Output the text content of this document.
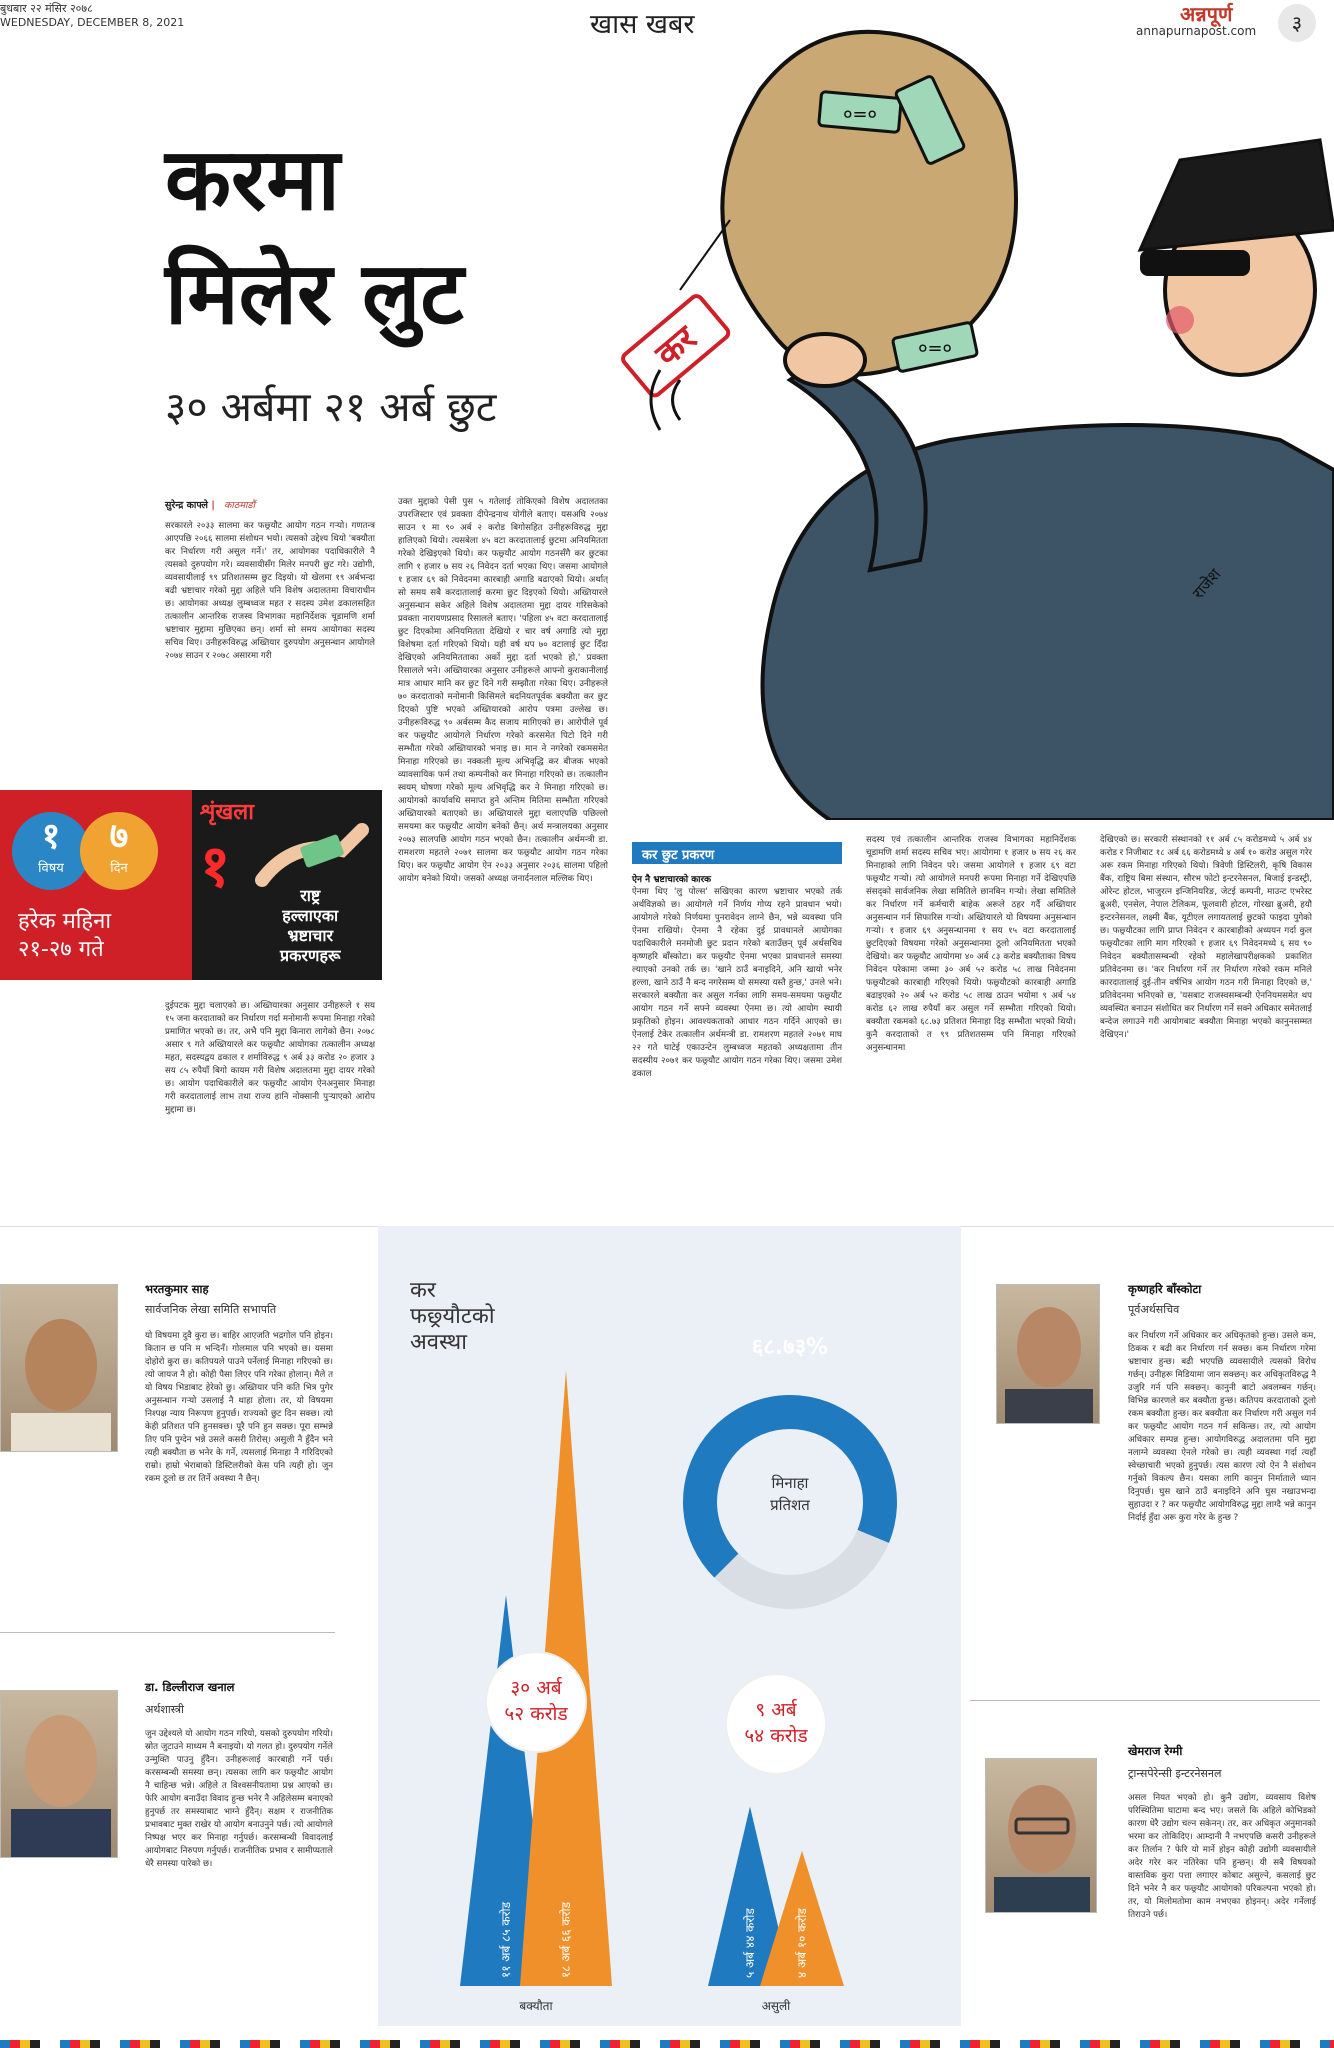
बुधबार २२ मंसिर २०७८
WEDNESDAY, DECEMBER 8, 2021	खास खबर	अन्नपूर्ण
annapurnapost.com	३
करमा
मिलेर लुट
३० अर्बमा २१ अर्ब छुट
०=०
०=०
कर
राजेश
सुरेन्द्र काफ्ले | काठमाडौं
सरकारले २०३३ सालमा कर फछ्र्यौट आयोग गठन गर्‍यो। गणतन्त्र आएपछि २०६६ सालमा संशोधन भयो। त्यसको उद्देश्य थियो 'बक्यौता कर निर्धारण गरी असुल गर्ने।' तर, आयोगका पदाधिकारीले नै त्यसको दुरुपयोग गरे। व्यवसायीसँग मिलेर मनपरी छुट गरे। उद्योगी, व्यवसायीलाई ९९ प्रतिशतसम्म छुट दिइयो। यो खेलमा १९ अर्बभन्दा बढी भ्रष्टाचार गरेको मुद्दा अहिले पनि विशेष अदालतमा विचाराधीन छ। आयोगका अध्यक्ष लुम्बध्वज महत र सदस्य उमेश ढकालसहित तत्कालीन आन्तरिक राजस्व विभागका महानिर्देशक चूडामणि शर्मा भ्रष्टाचार मुद्दामा मुछिएका छन्। शर्मा सो समय आयोगका सदस्य सचिव थिए। उनीहरूविरुद्ध अख्तियार दुरुपयोग अनुसन्धान आयोगले २०७४ साउन र २०७८ असारमा गरी
उक्त मुद्दाको पेसी पुस ५ गतेलाई तोकिएको विशेष अदालतका उपरजिस्टार एवं प्रवक्ता दीपेन्द्रनाथ योगीले बताए। यसअघि २०७४ साउन १ मा ९० अर्ब २ करोड बिगोसहित उनीहरूविरुद्ध मुद्दा हालिएको थियो। त्यसबेला ४५ वटा करदातालाई छुटमा अनियमितता गरेको देखिइएको थियो। कर फछ्र्यौट आयोग गठनसँगै कर छुटका लागि १ हजार ७ सय २६ निवेदन दर्ता भएका थिए। जसमा आयोगले १ हजार ६९ को निवेदनमा कारबाही अगाडि बढाएको थियो। अर्थात् सो समय सबै करदातालाई करमा छुट दिइएको थियो। अख्तियारले अनुसन्धान सकेर अहिले विशेष अदालतमा मुद्दा दायर गरिसकेको प्रवक्ता नारायणप्रसाद रिसालले बताए। 'पहिला ४५ वटा करदातालाई छुट दिएकोमा अनियमितता देखियो र चार वर्ष अगाडि त्यो मुद्दा विशेषमा दर्ता गरिएको थियो। यही वर्ष थप ७० वटालाई छुट दिँदा देखिएको अनियमितताका अर्को मुद्दा दर्ता भएको हो,' प्रवक्ता रिसालले भने। अख्तियारका अनुसार उनीहरूले आफ्नो कुराकानीलाई मात्र आधार मानि कर छुट दिने गरी सम्झौता गरेका थिए। उनीहरूले ७० करदाताको मनोमानी किसिमले बदनियतपूर्वक बक्यौता कर छुट दिएको पुष्टि भएको अख्तियारको आरोप पत्रमा उल्लेख छ। उनीहरूविरुद्ध ९० अर्बसम्म कैद सजाय मागिएको छ। आरोपीले पूर्व कर फछ्र्यौट आयोगले निर्धारण गरेको करसमेत पिटो दिने गरी सम्भौता गरेको अख्तियारको भनाइ छ। मान ने नगरेको रकमसमेत मिनाहा गरिएको छ। नक्कली मूल्य अभिवृद्धि कर बीजक भएको व्यावसायिक फर्म तथा कम्पनीको कर मिनाहा गरिएको छ। तत्कालीन स्वयम् घोषणा गरेको मूल्य अभिवृद्धि कर ने मिनाहा गरिएको छ। आयोगको कार्यावधि समाप्त हुने अन्तिम मितिमा सम्भौता गरिएको अख्तियारको बताएको छ। अख्तियारले मुद्दा चलाएपछि पछिल्लो समयमा कर फछ्र्यौट आयोग बनेको छैन्। अर्थ मन्त्रालयका अनुसार २०७३ सालपछि आयोग गठन भएको छैन। तत्कालीन अर्थमन्त्री डा. रामशरण महतले २०७१ सालमा कर फछ्र्यौट आयोग गठन गरेका थिए। कर फछ्र्यौट आयोग ऐन २०३३ अनुसार २०३६ सालमा पहिलो आयोग बनेको थियो। जसको अध्यक्ष जनार्दनलाल मल्लिक थिए।
दुईपटक मुद्दा चलाएको छ। अख्तियारका अनुसार उनीहरूले १ सय १५ जना करदाताको कर निर्धारण गर्दा मनोमानी रूपमा मिनाहा गरेको प्रमाणित भएको छ। तर, अभै पनि मुद्दा किनारा लागेको छैन। २०७८ असार ९ गते अख्तियारले कर फछ्र्यौट आयोगका तत्कालीन अध्यक्ष महत, सदस्यद्वय ढकाल र शर्माविरुद्ध ९ अर्ब ३३ करोड २० हजार ३ सय ८५ रुपैयाँ बिगो कायम गरी विशेष अदालतमा मुद्दा दायर गरेको छ। आयोग पदाधिकारीले कर फछ्र्यौट आयोग ऐनअनुसार मिनाहा गरी करदातालाई लाभ तथा राज्य हानि नोक्सानी पुऱ्याएको आरोप मुद्दामा छ।
कर छुट प्रकरण
ऐन नै भ्रष्टाचारको कारक
ऐनमा थिए 'लु पोल्स' सखिएका कारण भ्रष्टाचार भएको तर्क अर्थविज्ञको छ। आयोगले गर्ने निर्णय गोप्य रहने प्रावधान भयो। आयोगले गरेको निर्णयमा पुनरावेदन लाग्ने छैन, भन्ने व्यवस्था पनि ऐनमा राखियो। ऐनमा नै रहेका दुई प्रावधानले आयोगका पदाधिकारीले मनमोजी छुट प्रदान गरेको बताउँछन् पूर्व अर्थसचिव कृष्णहरि बाँस्कोटा। कर फछ्र्यौट ऐनमा भएका प्रावधानले समस्या ल्याएको उनको तर्क छ। 'खाने ठाउँ बनाइदिने, अनि खायो भनेर हल्ला, खाने ठाउँ नै बन्द नगरेसम्म यो समस्या यस्तै हुन्छ,' उनले भने। सरकारले बक्यौता कर असुल गर्नका लागि समय-समयमा फछ्र्यौट आयोग गठन गर्ने सफ्ने व्यवस्था ऐनमा छ। त्यो आयोग स्थायी प्रकृतिको होइन। आवश्यकताको आधार गठन गर्दिने आएको छ। ऐनलाई टेकेर तत्कालीन अर्थमन्त्री डा. रामशरण महतले २०७१ माघ २२ गते घाटेई एकाउन्टेन लुम्बध्वज महतको अध्यक्षतामा तीन सदस्यीय २०७१ कर फछ्र्यौट आयोग गठन गरेका थिए। जसमा उमेश ढकाल
सदस्य एवं तत्कालीन आन्तरिक राजस्व विभागका महानिर्देशक चूडामणि शर्मा सदस्य सचिव भए। आयोगमा १ हजार ७ सय २६ कर मिनाहाको लागि निवेदन परे। जसमा आयोगले १ हजार ६९ वटा फछ्र्यौट गर्‍यो। त्यो आयोगले मनपरी रूपमा मिनाहा गर्ने देखिएपछि संसद्को सार्वजनिक लेखा समितिले छानबिन गर्‍यो। लेखा समितिले कर निर्धारण गर्ने कर्मचारी बाहेक अरूले ठहर गर्दै अख्तियार अनुसन्धान गर्न सिफारिस गर्‍यो। अख्तियारले यो विषयमा अनुसन्धान गर्‍यो। १ हजार ६९ अनुसन्धानमा १ सय १५ वटा करदातालाई छुटदिएको विषयमा गरेको अनुसन्धानमा ठूलो अनियमितता भएको देखियो। कर फछ्र्यौट आयोगमा ४० अर्ब ८३ करोड बक्यौताका विषय निवेदन परेकामा जम्मा ३० अर्ब ५२ करोड ५८ लाख निवेदनमा फछ्र्यौटको कारबाही गरिएको थियो। फछ्र्यौटको कारबाही अगाडि बढाइएको २० अर्ब ५२ करोड ५८ लाख ठाउन भयोमा ९ अर्ब ५४ करोड ६२ लाख रुपैयाँ कर असुल गर्ने सम्भौता गरिएको थियो। बक्यौता रकमको ६८.७३ प्रतिशत मिनाहा दिइ सम्भौता भएको थियो। कुनै करदाताको त ९९ प्रतिशतसम्म पनि मिनाहा गरिएको अनुसन्धानमा
देखिएको छ। सरकारी संस्थानको ११ अर्ब ८५ करोडमध्ये ५ अर्ब ४४ करोड र निजीबाट १८ अर्ब ६६ करोडमध्ये ४ अर्ब १० करोड असुल गरेर अरू रकम मिनाहा गरिएको थियो। त्रिवेणी डिस्टिलरी, कृषि विकास बैंक, राष्ट्रिय बिमा संस्थान, सौरभ फोटो इन्टरनेसनल, बिजाई इन्डस्ट्री, ओरेन्ट होटल, भाजुरत्न इन्जिनियरिङ, जेटई कम्पनी, माउन्ट एभरेस्ट ब्रुअरी, एनसेल, नेपाल टेलिकम, फूलवारी होटल, गोरखा ब्रुअरी, हयौ इन्टरनेसनल, लक्ष्मी बैंक, यूटीएल लगायतलाई छुटको फाइदा पुगेको छ। फछ्र्यौटका लागि प्राप्त निवेदन र कारबाहीको अध्ययन गर्दा कुल फछ्र्यौटका लागि माग गरिएको १ हजार ६९ निवेदनमध्ये ६ सय ९० निवेदन बक्यौतासम्बन्धी रहेको महालेखापरीक्षकको प्रकाशित प्रतिवेदनमा छ। 'कर निर्धारण गर्ने तर निर्धारण गरेको रकम मनिले कारदातालाई दुई-तीन वर्षभित्र आयोग गठन गरी मिनाहा दिएको छ,' प्रतिवेदनमा भनिएको छ, 'यसबाट राजस्वसम्बन्धी ऐननियमसमेत थप व्यवस्थित बनाउन संशोधित कर निर्धारण गर्ने सक्ने अधिकार समेतलाई बन्देज लगाउने गरी आयोगबाट बक्यौता मिनाहा भएको कानुनसम्मत देखिएन।'
१
विषय
७
दिन
हरेक महिना
२१-२७ गते
शृंखला
१	राष्ट्र
हल्लाएका
भ्रष्टाचार
प्रकरणहरू
भरतकुमार साह
सार्वजनिक लेखा समिति सभापति
यो विषयमा दुवै कुरा छ। बाहिर आएजति भद्रगोल पनि होइन। कितान छ पनि म भन्दिनँ। गोलमाल पनि भएको छ। यसमा दोहोरो कुरा छ। कतिपयले पाउने पर्नेलाई मिनाहा गरिएको छ। त्यो जायज नै हो। कोही पैसा लिएर पनि गरेका होलान्। मैले त यो विषय भिडाबाट हेरेको छु। अख्तियार पनि कति भित्र पुगेर अनुसन्धान गर्‍यो उसलाई नै थाहा होला। तर, यो विषयमा निश्पक्ष न्याय निरूपण हुनुपर्छ। राज्यको छुट दिन सक्छ। त्यो केही प्रतिशत पनि हुनसक्छ। पूरै पनि हुन सक्छ। पूरा सम्भन्ने तिए पनि पुग्देन भन्ने उसले कसरी तिरोस्। असुली नै हुँदैन भने त्यही बक्यौता छ भनेर के गर्ने, त्यसलाई मिनाहा नै गरिदिएको राम्रो। हाम्रो भेराबाको डिस्टिलरीको केस पनि त्यही हो। जुन रकम ठूलो छ तर तिर्ने अवस्था नै छैन्।
डा. डिल्लीराज खनाल
अर्थशास्त्री
जुन उद्देश्यले यो आयोग गठन गरियो, यसको दुरुपयोग गरियो। स्रोत जुटाउने माध्यम नै बनाइयो। यो गलत हो। दुरुपयोग गर्नेले उन्मुक्ति पाउनु हुँदैन। उनीहरूलाई कारबाही गर्ने पर्छ। करसम्बन्धी समस्या छन्। त्यसका लागि कर फछ्र्यौट आयोग नै चाहिन्छ भन्ने। अहिले त विश्वसनीयतामा प्रश्न आएको छ। फेरि आयोग बनाउँदा विवाद हुन्छ भनेर नै अहिलेसम्म बनाएको हुनुपर्छ तर समस्याबाट भाग्ने हुँदैन्। सक्षम र राजनीतिक प्रभावबाट मुक्त राखेर यो आयोग बनाउनुने पर्छ। त्यो आयोगले निष्पक्ष भएर कर मिनाहा गर्नुपर्छ। करसम्बन्धी विवादलाई आयोगबाट निरुपण गर्नुपर्छ। राजनीतिक प्रभाव र सामीप्यताले धेरै समस्या पारेको छ।
कृष्णहरि बाँस्कोटा
पूर्वअर्थसचिव
कर निर्धारण गर्ने अधिकार कर अधिकृतको हुन्छ। उसले कम, ठिकक र बढी कर निर्धारण गर्न सक्छ। कम निर्धारण गरेमा भ्रष्टाचार हुन्छ। बढी भएपछि व्यवसायीले त्यसको विरोध गर्छन्। उनीहरू मिडियामा जान सक्छन्। कर अधिकृतविरुद्ध नै उजुरि गर्न पनि सक्छन्। कानुनी बाटो अवलम्बन गर्छन्। विभिन्न कारणले कर बक्यौता हुन्छ। कतिपय करदाताको ठूलो रकम बक्यौता हुन्छ। कर बक्यौता कर निर्धारण गरी असुल गर्न कर फछ्र्यौट आयोग गठन गर्न सकिन्छ। तर, त्यो आयोग अधिकार सम्पन्न हुन्छ। आयोगविरुद्ध अदालतमा पनि मुद्दा नलाग्ने व्यवस्था ऐनले गरेको छ। त्यही व्यवस्था गर्दा त्यहाँ स्वेच्छाचारी भएको हुनुपर्छ। त्यस कारण त्यो ऐन नै संशोधन गर्नुको विकल्प छैन। यसका लागि कानुन निर्माताले ध्यान दिनुपर्छ। घुस खाने ठाउँ बनाइदिने अनि घुस नखाउभन्दा सुहाउदा र ? कर फछ्र्यौट आयोगविरुद्ध मुद्दा लाग्दै भन्ने कानुन निर्दाई हुँदा अरू कुरा गरेर के हुन्छ ?
खेमराज रेग्मी
ट्रान्सपेरेन्सी इन्टरनेसनल
असल नियत भएको हो। कुनै उद्योग, व्यवसाय विशेष परिस्थितिमा घाटामा बन्द भए। जसले कि अहिले कोभिडको कारण धेरै उद्योग चल्न सकेनन्। तर, कर अधिकृत अनुमानको भरमा कर तोकिदिए। आम्दानी नै नभएपछि कसरी उनीहरूले कर तिर्लान ? फेरि यो मार्ने होइन कोही उद्योगी व्यवसायीले अदेर गरेर कर नतिरेका पनि हुन्छन्। यी सबै विषयको वास्तविक कुरा पत्ता लगाएर कोबाट असुल्ने, कसलाई छुट दिने भनेर नै कर फछ्र्यौट आयोगको परिकल्पना भएको हो। तर, यो मिलोमतोमा काम नभएका होइनन्। अदेर गर्नेलाई तिराउने पर्छ।
कर
फछ्र्यौटको
अवस्था	६८.७३%
मिनाहा
प्रतिशत
११ अर्ब ८५ करोड	१८ अर्ब ६६ करोड	५ अर्ब ४४ करोड	४ अर्ब १० करोड
३० अर्ब
५२ करोड	९ अर्ब
५४ करोड
बक्यौता	असुली
